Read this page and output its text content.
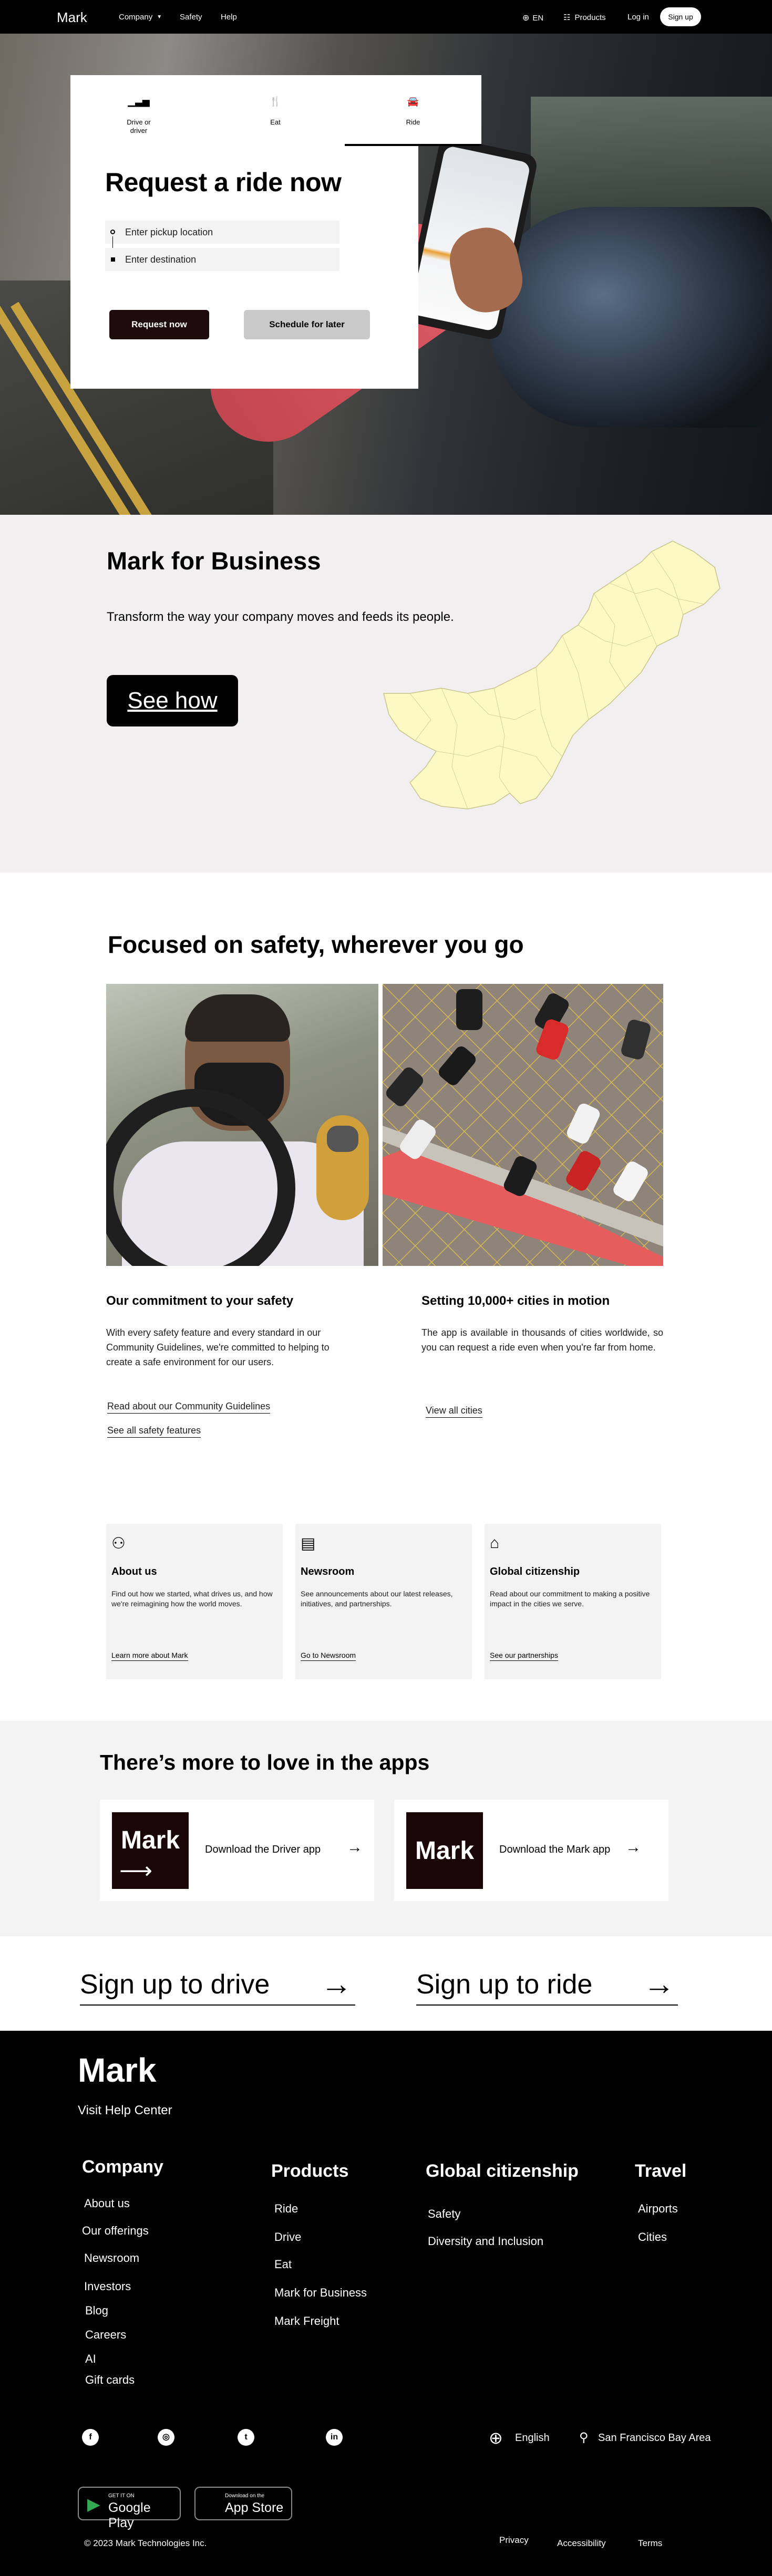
Mark	Company ▼ Safety Help	⊕ EN	☷ Products	Log in	Sign up
▁▃▅
Drive or driver
🍴
Eat
🚘
Ride
Request a ride now
Enter pickup location
Enter destination
Request now	Schedule for later
Mark for Business
Transform the way your company moves and feeds its people.
See how
Focused on safety, wherever you go
Our commitment to your safety
With every safety feature and every standard in our Community Guidelines, we're committed to helping to create a safe environment for our users.
Read about our Community Guidelines
See all safety features
Setting 10,000+ cities in motion
The app is available in thousands of cities worldwide, so you can request a ride even when you're far from home.
View all cities
⚇
About us
Find out how we started, what drives us, and how we're reimagining how the world moves.
Learn more about Mark
▤
Newsroom
See announcements about our latest releases, initiatives, and partnerships.
Go to Newsroom
⌂
Global citizenship
Read about our commitment to making a positive impact in the cities we serve.
See our partnerships
There’s more to love in the apps
Mark
⟶
Download the Driver app →	Mark	Download the Mark app →
Sign up to drive → Sign up to ride →
Mark
Visit Help Center
Company
About us
Our offerings
Newsroom
Investors
Blog
Careers
AI
Gift cards
Products
Ride
Drive
Eat
Mark for Business
Mark Freight
Global citizenship
Safety
Diversity and Inclusion
Travel
Airports
Cities
f	◎	t	in	⊕ English ⚲ San Francisco Bay Area
▶ GET IT ON
Google Play
Download on the
App Store
© 2023 Mark Technologies Inc.	Privacy	Accessibility	Terms
